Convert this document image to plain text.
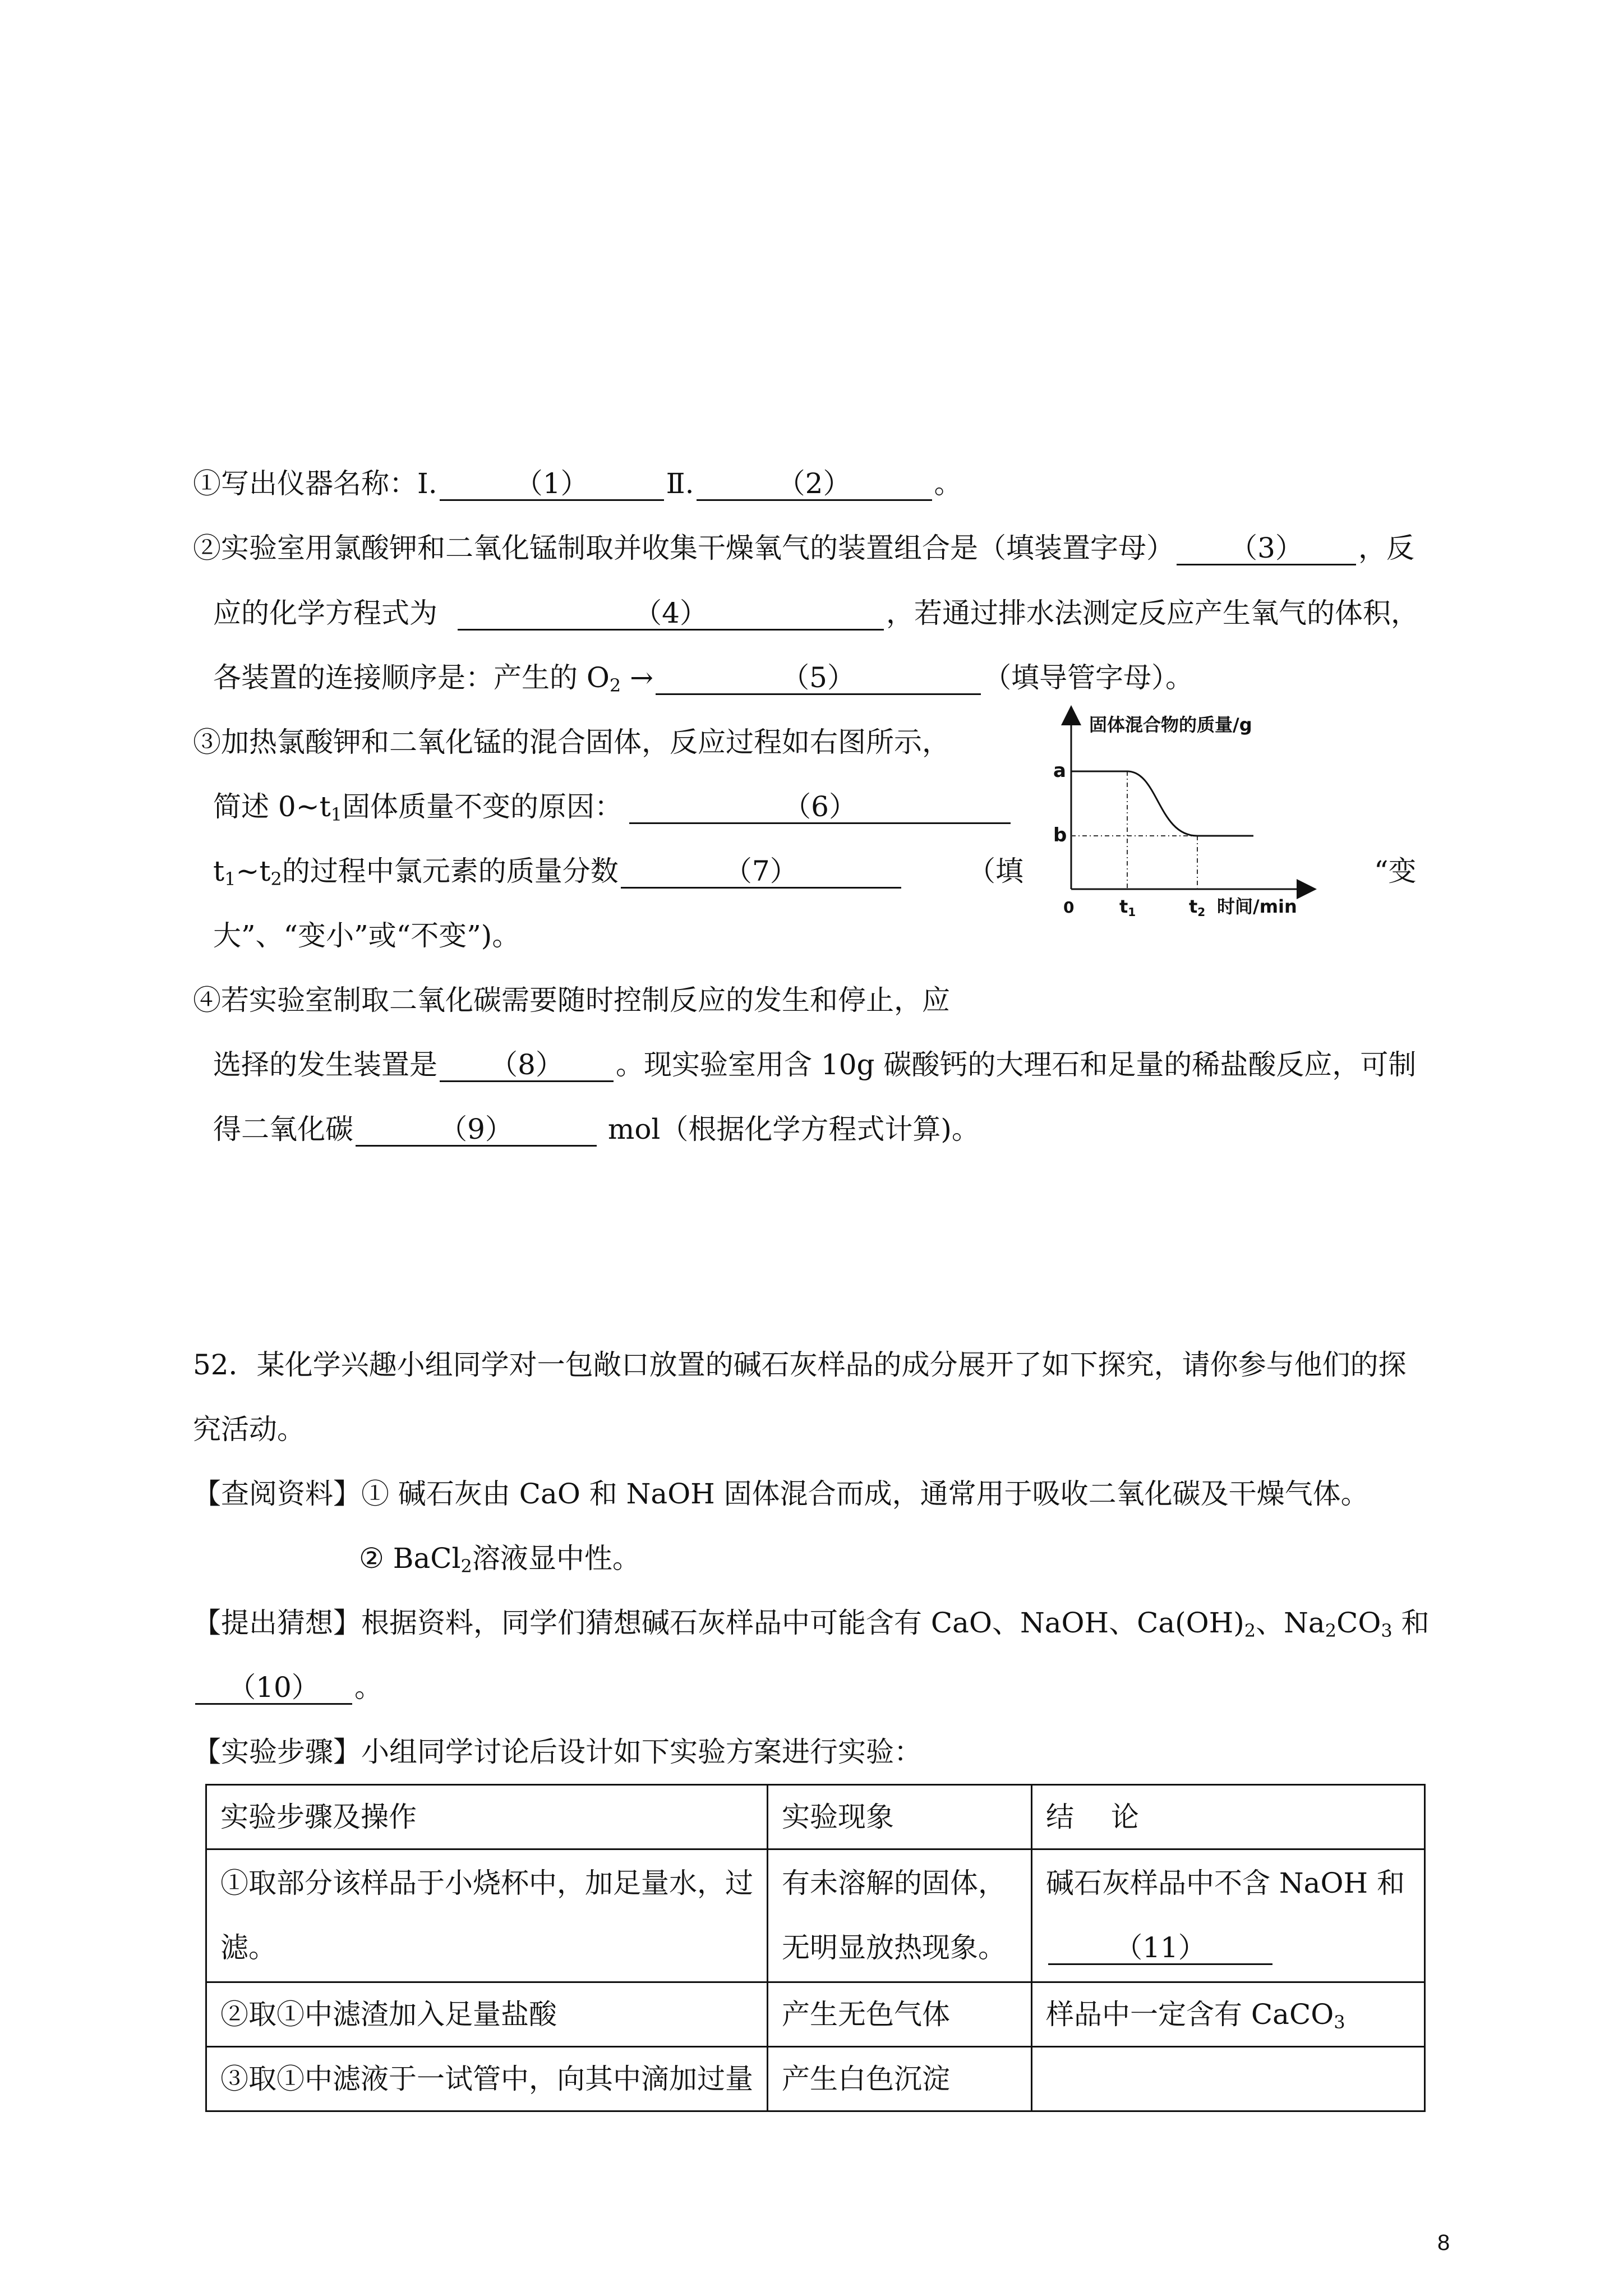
①写出仪器名称：Ⅰ.	（1）	Ⅱ.	（2）	。
②实验室用氯酸钾和二氧化锰制取并收集干燥氧气的装置组合是（填装置字母） （3） ，反
应的化学方程式为	（4）	，若通过排水法测定反应产生氧气的体积，
各装置的连接顺序是：产生的 $O_2$ →	（5）	（填导管字母）。
③加热氯酸钾和二氧化锰的混合固体，反应过程如右图所示，
简述 $0\sim t_1$固体质量不变的原因：	（6）
$t_1\sim t_2$的过程中氯元素的质量分数	（7）	（填	“变
大”、“变小”或“不变”)。
固体混合物的质量/g
a
b
0	t1	t2 时间/min
④若实验室制取二氧化碳需要随时控制反应的发生和停止，应
选择的发生装置是 （8） 。现实验室用含 10g 碳酸钙的大理石和足量的稀盐酸反应，可制
得二氧化碳	（9）	mol（根据化学方程式计算)。
52．某化学兴趣小组同学对一包敞口放置的碱石灰样品的成分展开了如下探究，请你参与他们的探
究活动。
【查阅资料】① 碱石灰由 CaO 和 NaOH 固体混合而成，通常用于吸收二氧化碳及干燥气体。
② BaCl$_2$溶液显中性。
【提出猜想】根据资料，同学们猜想碱石灰样品中可能含有 CaO、NaOH、$Ca(OH)_2$、$Na_2CO_3$ 和
（10） 。
【实验步骤】小组同学讨论后设计如下实验方案进行实验：
实验步骤及操作	实验现象	结　 论
①取部分该样品于小烧杯中，加足量水，过滤。	有未溶解的固体，无明显放热现象。	碱石灰样品中不含 NaOH 和
（11）
②取①中滤渣加入足量盐酸	产生无色气体	样品中一定含有 CaCO$_3$
③取①中滤液于一试管中，向其中滴加过量	产生白色沉淀	
8
